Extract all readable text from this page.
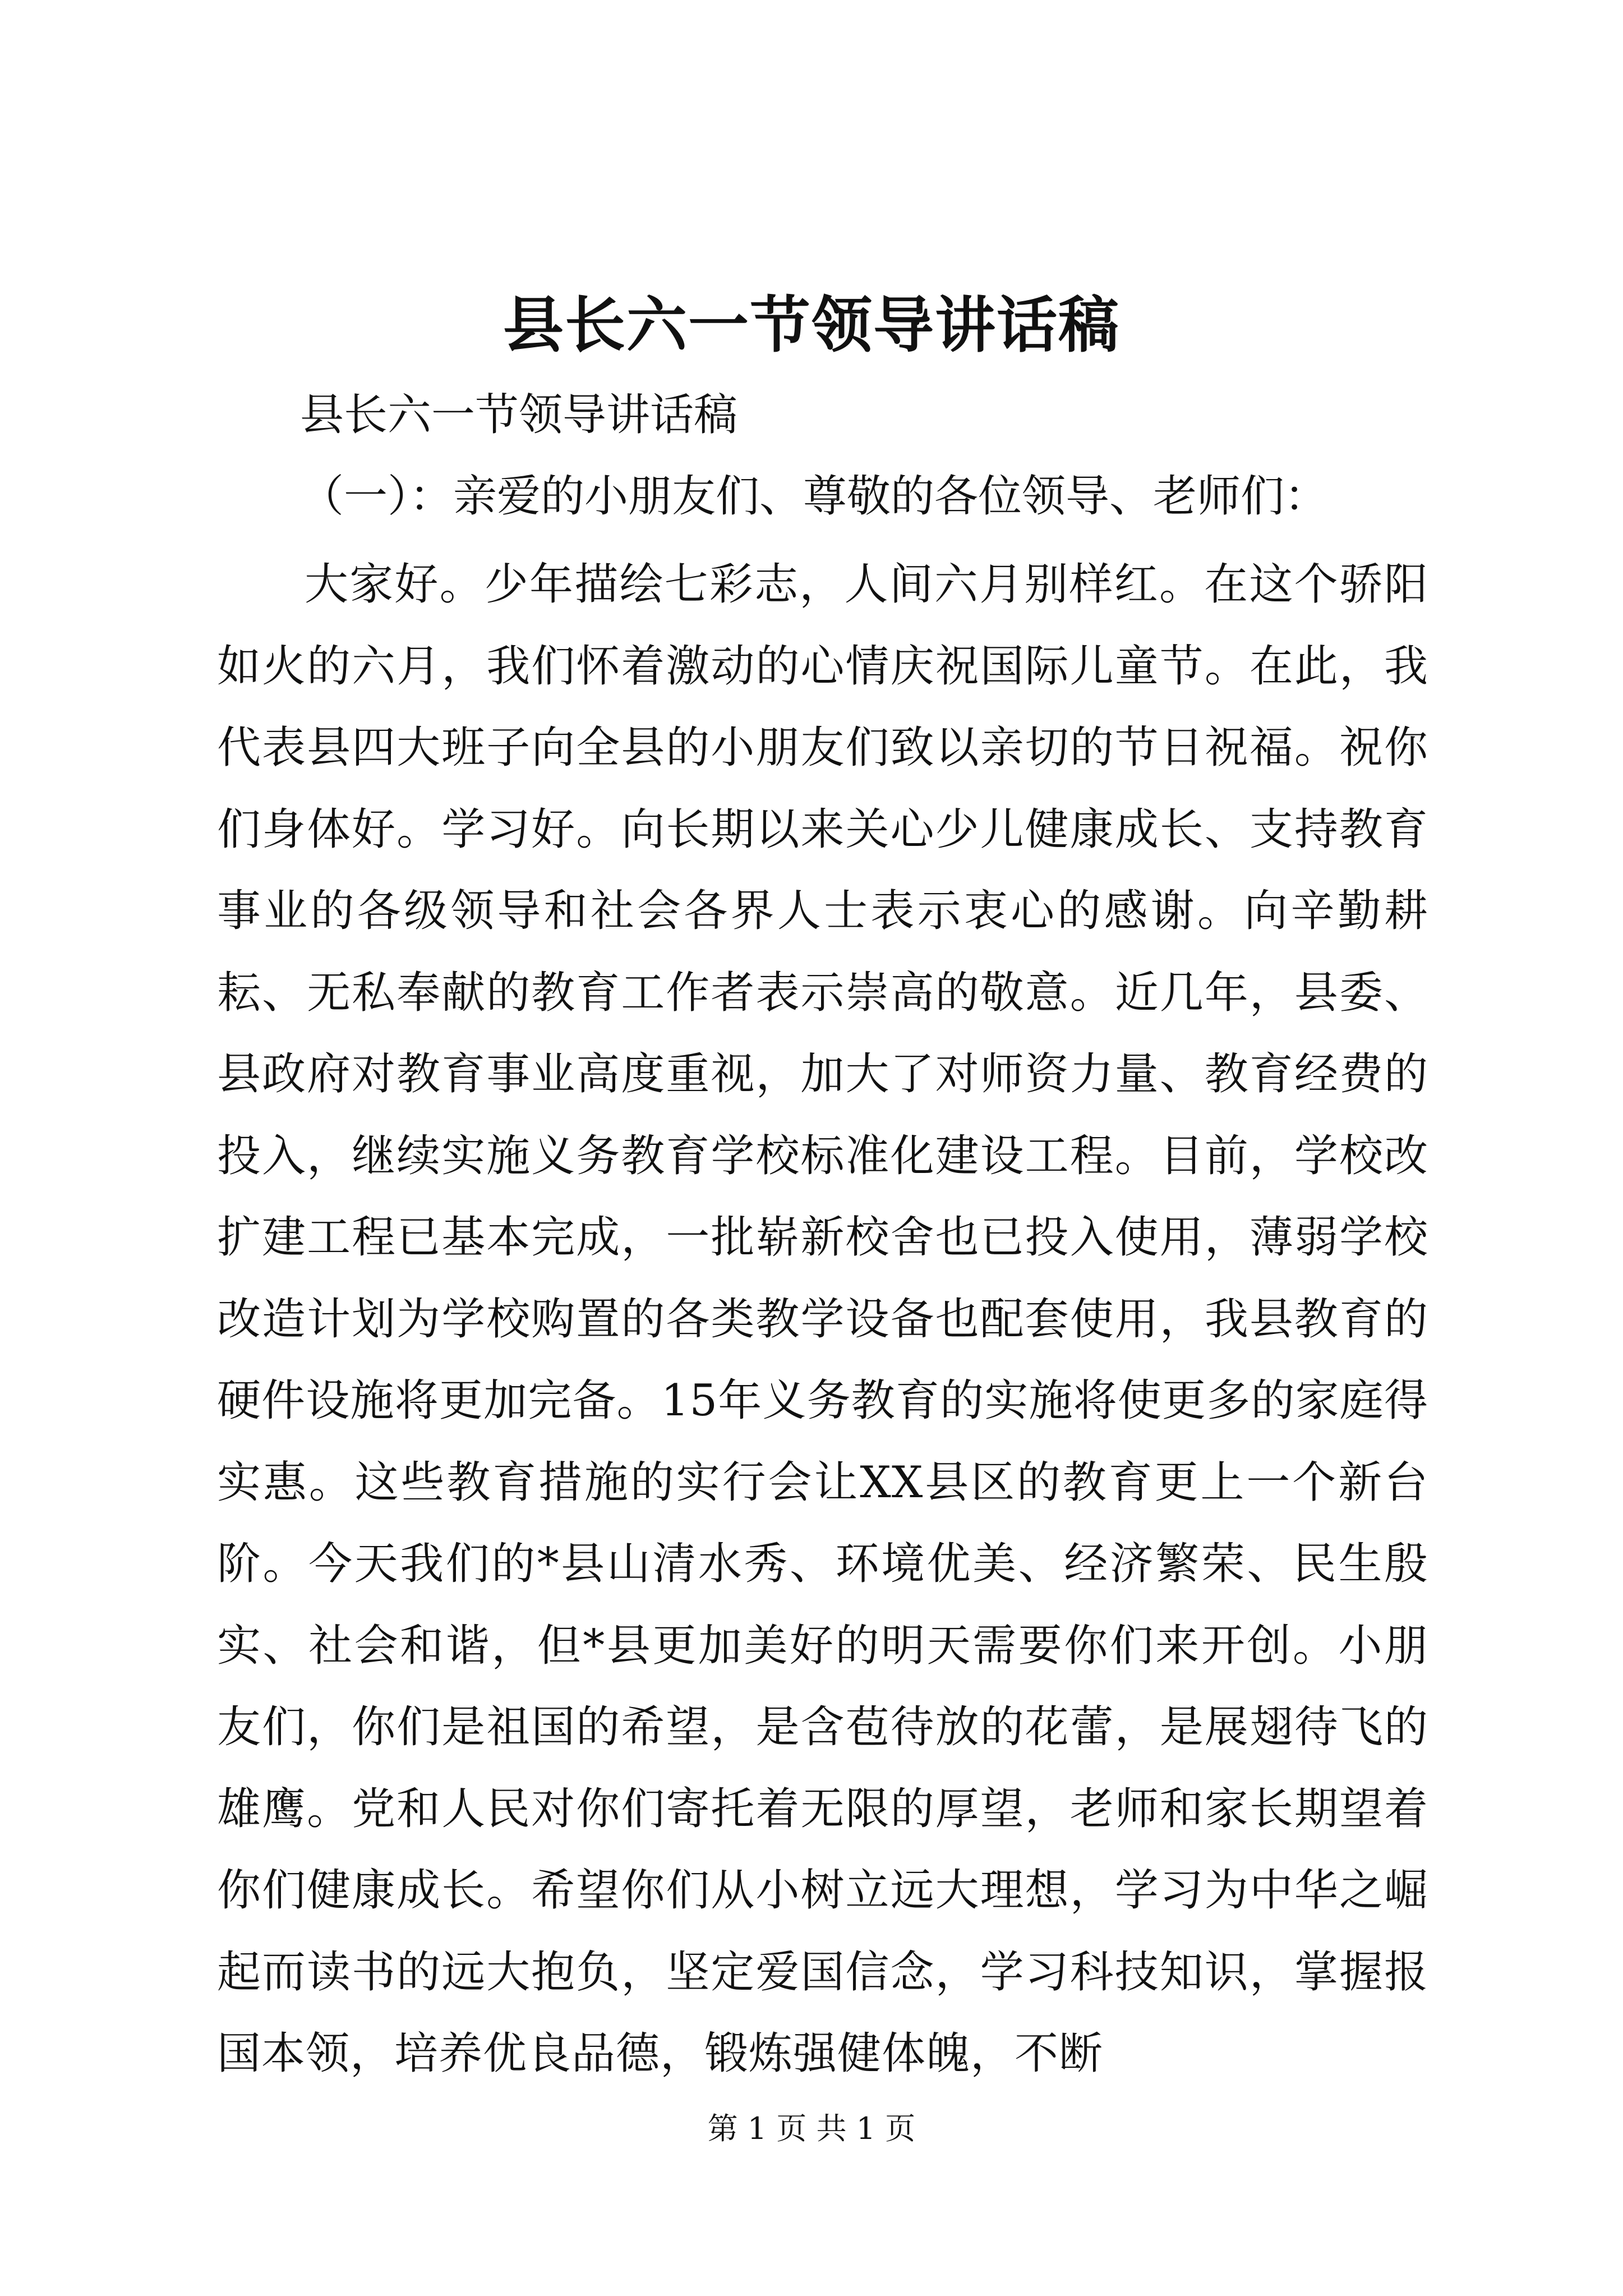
县长六一节领导讲话稿

县长六一节领导讲话稿

（一）：亲爱的小朋友们、尊敬的各位领导、老师们：

大家好。少年描绘七彩志，人间六月别样红。在这个骄阳如火的六月，我们怀着激动的心情庆祝国际儿童节。在此，我代表县四大班子向全县的小朋友们致以亲切的节日祝福。祝你们身体好。学习好。向长期以来关心少儿健康成长、支持教育事业的各级领导和社会各界人士表示衷心的感谢。向辛勤耕耘、无私奉献的教育工作者表示崇高的敬意。近几年，县委、县政府对教育事业高度重视，加大了对师资力量、教育经费的投入，继续实施义务教育学校标准化建设工程。目前，学校改扩建工程已基本完成，一批崭新校舍也已投入使用，薄弱学校改造计划为学校购置的各类教学设备也配套使用，我县教育的硬件设施将更加完备。15年义务教育的实施将使更多的家庭得实惠。这些教育措施的实行会让XX县区的教育更上一个新台阶。今天我们的*县山清水秀、环境优美、经济繁荣、民生殷实、社会和谐，但*县更加美好的明天需要你们来开创。小朋友们，你们是祖国的希望，是含苞待放的花蕾，是展翅待飞的雄鹰。党和人民对你们寄托着无限的厚望，老师和家长期望着你们健康成长。希望你们从小树立远大理想，学习为中华之崛起而读书的远大抱负，坚定爱国信念，学习科技知识，掌握报国本领，培养优良品德，锻炼强健体魄，不断

第 1 页 共 1 页
